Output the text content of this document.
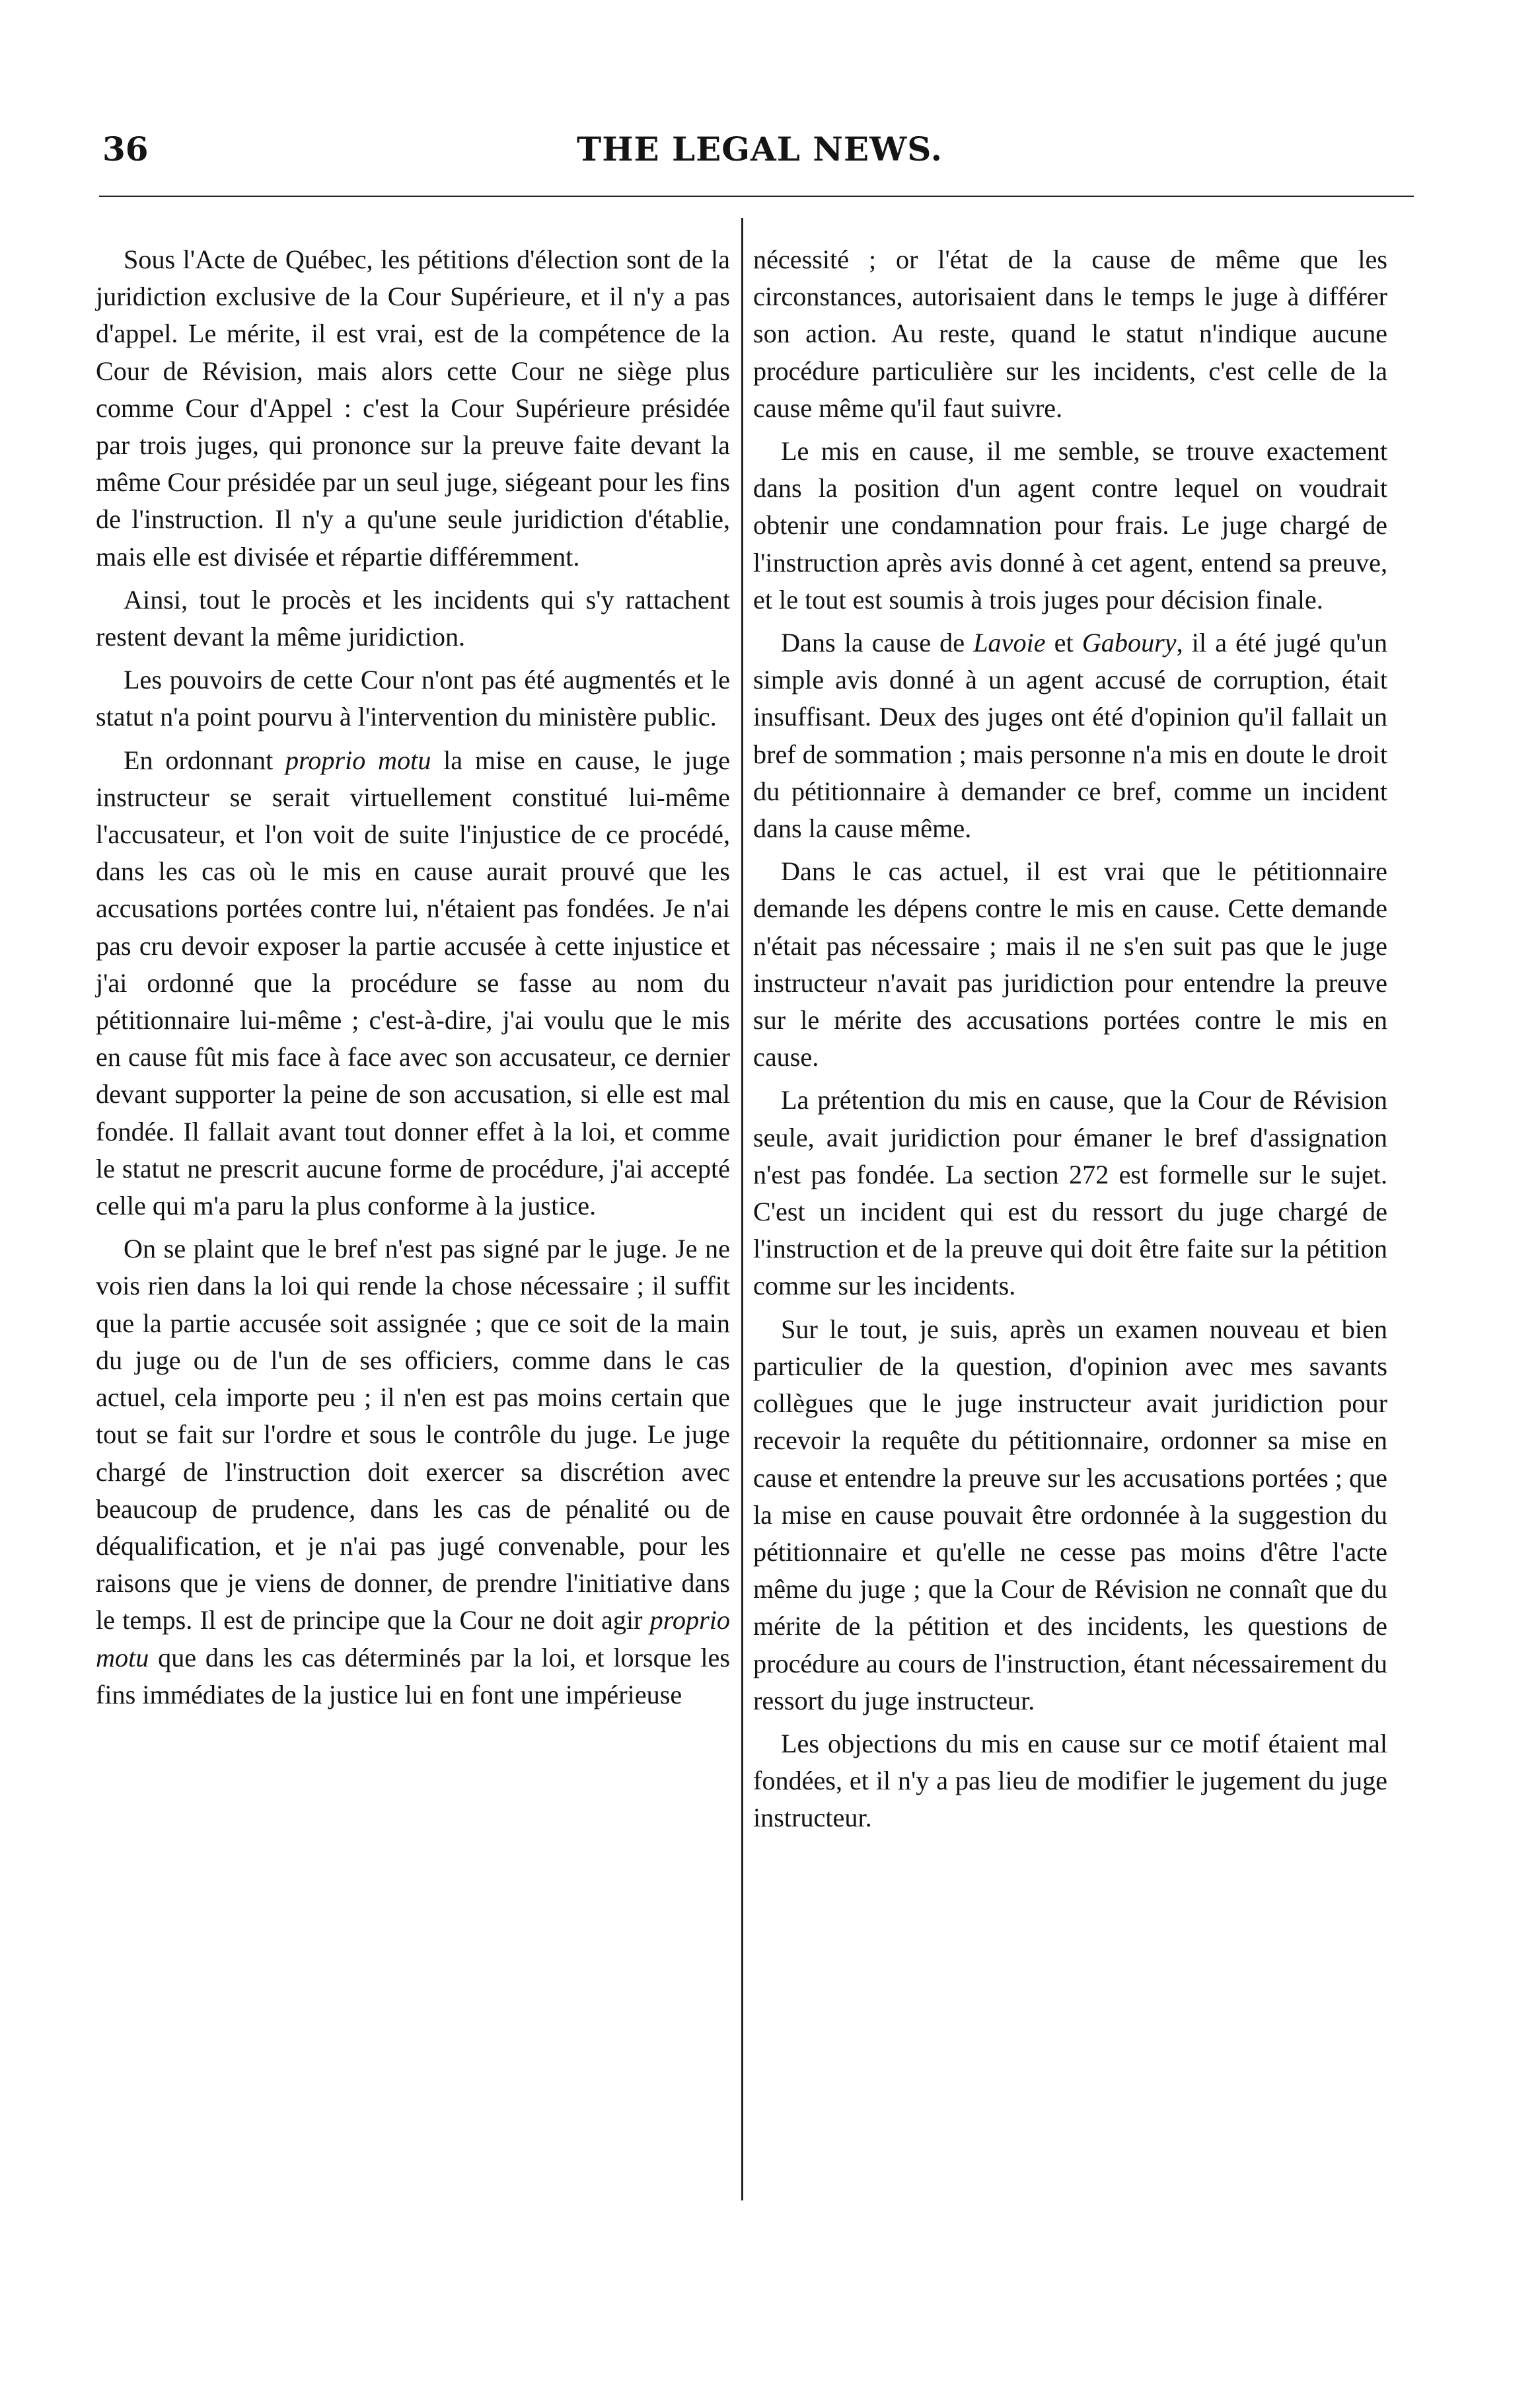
36	THE LEGAL NEWS.

Sous l'Acte de Québec, les pétitions d'élection sont de la juridiction exclusive de la Cour Supérieure, et il n'y a pas d'appel. Le mérite, il est vrai, est de la compétence de la Cour de Révision, mais alors cette Cour ne siège plus comme Cour d'Appel : c'est la Cour Supérieure présidée par trois juges, qui prononce sur la preuve faite devant la même Cour présidée par un seul juge, siégeant pour les fins de l'instruction. Il n'y a qu'une seule juridiction d'établie, mais elle est divisée et répartie différemment.

Ainsi, tout le procès et les incidents qui s'y rattachent restent devant la même juridiction.

Les pouvoirs de cette Cour n'ont pas été augmentés et le statut n'a point pourvu à l'intervention du ministère public.

En ordonnant proprio motu la mise en cause, le juge instructeur se serait virtuellement constitué lui-même l'accusateur, et l'on voit de suite l'injustice de ce procédé, dans les cas où le mis en cause aurait prouvé que les accusations portées contre lui, n'étaient pas fondées. Je n'ai pas cru devoir exposer la partie accusée à cette injustice et j'ai ordonné que la procédure se fasse au nom du pétitionnaire lui-même ; c'est-à-dire, j'ai voulu que le mis en cause fût mis face à face avec son accusateur, ce dernier devant supporter la peine de son accusation, si elle est mal fondée. Il fallait avant tout donner effet à la loi, et comme le statut ne prescrit aucune forme de procédure, j'ai accepté celle qui m'a paru la plus conforme à la justice.

On se plaint que le bref n'est pas signé par le juge. Je ne vois rien dans la loi qui rende la chose nécessaire ; il suffit que la partie accusée soit assignée ; que ce soit de la main du juge ou de l'un de ses officiers, comme dans le cas actuel, cela importe peu ; il n'en est pas moins certain que tout se fait sur l'ordre et sous le contrôle du juge. Le juge chargé de l'instruction doit exercer sa discrétion avec beaucoup de prudence, dans les cas de pénalité ou de déqualification, et je n'ai pas jugé convenable, pour les raisons que je viens de donner, de prendre l'initiative dans le temps. Il est de principe que la Cour ne doit agir proprio motu que dans les cas déterminés par la loi, et lorsque les fins immédiates de la justice lui en font une impérieuse

nécessité ; or l'état de la cause de même que les circonstances, autorisaient dans le temps le juge à différer son action. Au reste, quand le statut n'indique aucune procédure particulière sur les incidents, c'est celle de la cause même qu'il faut suivre.

Le mis en cause, il me semble, se trouve exactement dans la position d'un agent contre lequel on voudrait obtenir une condamnation pour frais. Le juge chargé de l'instruction après avis donné à cet agent, entend sa preuve, et le tout est soumis à trois juges pour décision finale.

Dans la cause de Lavoie et Gaboury, il a été jugé qu'un simple avis donné à un agent accusé de corruption, était insuffisant. Deux des juges ont été d'opinion qu'il fallait un bref de sommation ; mais personne n'a mis en doute le droit du pétitionnaire à demander ce bref, comme un incident dans la cause même.

Dans le cas actuel, il est vrai que le pétitionnaire demande les dépens contre le mis en cause. Cette demande n'était pas nécessaire ; mais il ne s'en suit pas que le juge instructeur n'avait pas juridiction pour entendre la preuve sur le mérite des accusations portées contre le mis en cause.

La prétention du mis en cause, que la Cour de Révision seule, avait juridiction pour émaner le bref d'assignation n'est pas fondée. La section 272 est formelle sur le sujet. C'est un incident qui est du ressort du juge chargé de l'instruction et de la preuve qui doit être faite sur la pétition comme sur les incidents.

Sur le tout, je suis, après un examen nouveau et bien particulier de la question, d'opinion avec mes savants collègues que le juge instructeur avait juridiction pour recevoir la requête du pétitionnaire, ordonner sa mise en cause et entendre la preuve sur les accusations portées ; que la mise en cause pouvait être ordonnée à la suggestion du pétitionnaire et qu'elle ne cesse pas moins d'être l'acte même du juge ; que la Cour de Révision ne connaît que du mérite de la pétition et des incidents, les questions de procédure au cours de l'instruction, étant nécessairement du ressort du juge instructeur.

Les objections du mis en cause sur ce motif étaient mal fondées, et il n'y a pas lieu de modifier le jugement du juge instructeur.
